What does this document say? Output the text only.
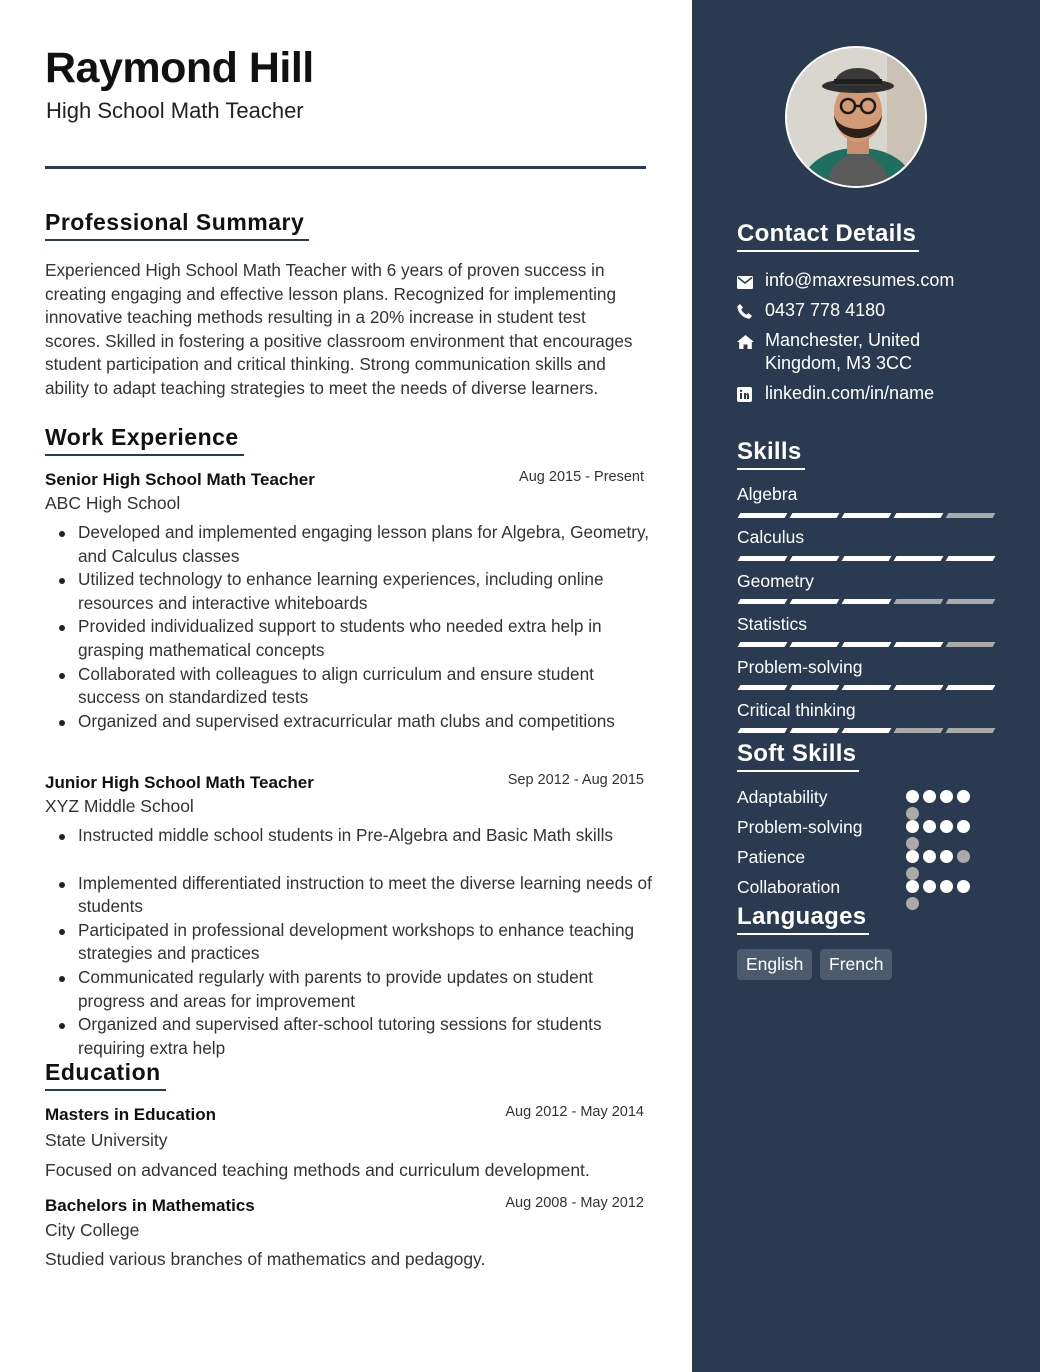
Raymond Hill
High School Math Teacher
Professional Summary
Experienced High School Math Teacher with 6 years of proven success in creating engaging and effective lesson plans. Recognized for implementing innovative teaching methods resulting in a 20% increase in student test scores. Skilled in fostering a positive classroom environment that encourages student participation and critical thinking. Strong communication skills and ability to adapt teaching strategies to meet the needs of diverse learners.
Work Experience
Senior High School Math Teacher	Aug 2015 - Present
ABC High School
Developed and implemented engaging lesson plans for Algebra, Geometry, and Calculus classes
Utilized technology to enhance learning experiences, including online resources and interactive whiteboards
Provided individualized support to students who needed extra help in grasping mathematical concepts
Collaborated with colleagues to align curriculum and ensure student success on standardized tests
Organized and supervised extracurricular math clubs and competitions
Junior High School Math Teacher	Sep 2012 - Aug 2015
XYZ Middle School
Instructed middle school students in Pre-Algebra and Basic Math skills
Implemented differentiated instruction to meet the diverse learning needs of students
Participated in professional development workshops to enhance teaching strategies and practices
Communicated regularly with parents to provide updates on student progress and areas for improvement
Organized and supervised after-school tutoring sessions for students requiring extra help
Education
Masters in Education	Aug 2012 - May 2014
State University
Focused on advanced teaching methods and curriculum development.
Bachelors in Mathematics	Aug 2008 - May 2012
City College
Studied various branches of mathematics and pedagogy.
Contact Details
info@maxresumes.com
0437 778 4180
Manchester, United
Kingdom, M3 3CC
linkedin.com/in/name
Skills
Algebra
Calculus
Geometry
Statistics
Problem-solving
Critical thinking
Soft Skills
Adaptability
Problem-solving
Patience
Collaboration
Languages
English	French
